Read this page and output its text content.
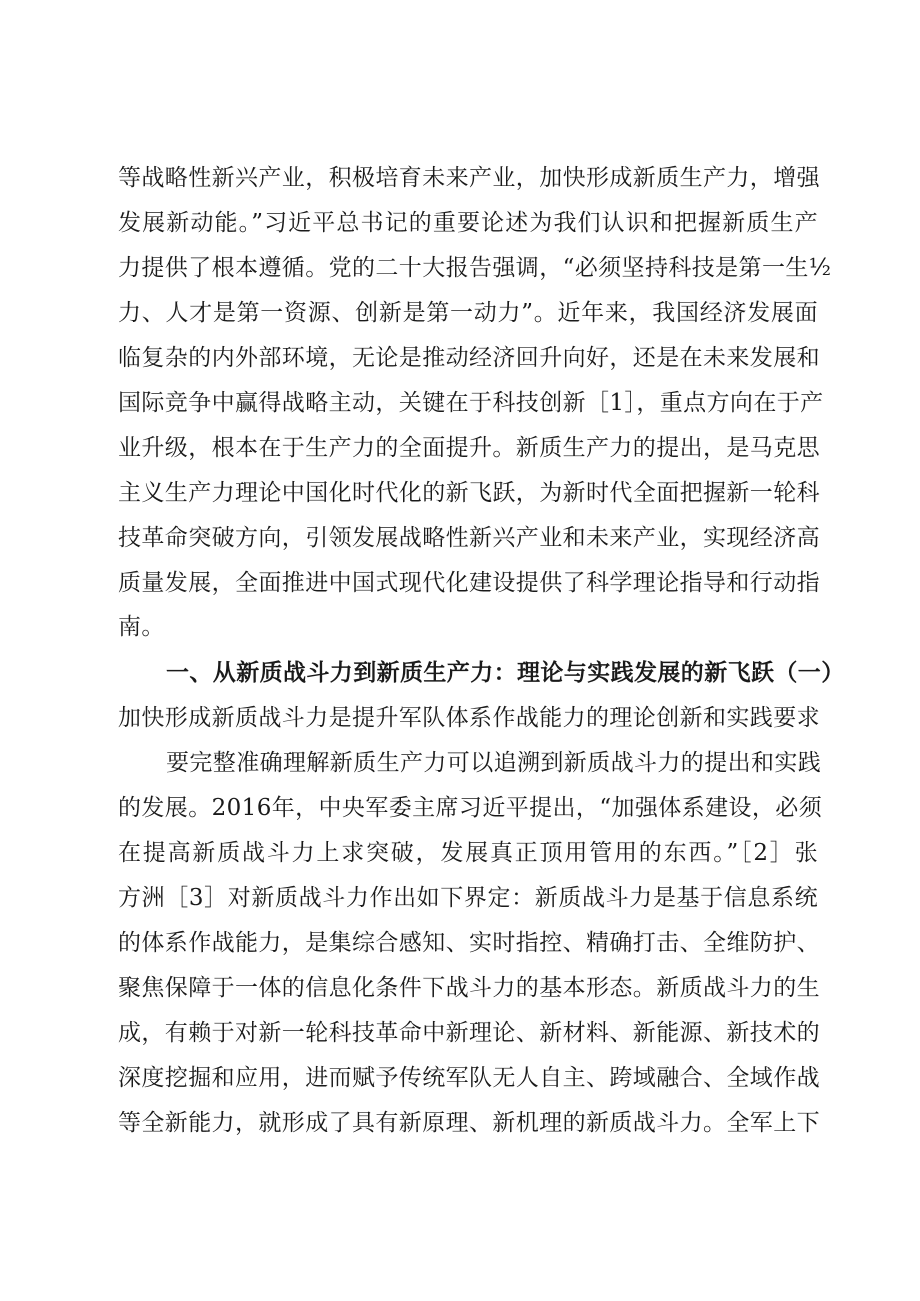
等战略性新兴产业，积极培育未来产业，加快形成新质生产力，增强
发展新动能。”习近平总书记的重要论述为我们认识和把握新质生产
力提供了根本遵循。党的二十大报告强调，“必须坚持科技是第一生½
力、人才是第一资源、创新是第一动力”。近年来，我国经济发展面
临复杂的内外部环境，无论是推动经济回升向好，还是在未来发展和
国际竞争中赢得战略主动，关键在于科技创新［1］，重点方向在于产
业升级，根本在于生产力的全面提升。新质生产力的提出，是马克思
主义生产力理论中国化时代化的新飞跃，为新时代全面把握新一轮科
技革命突破方向，引领发展战略性新兴产业和未来产业，实现经济高
质量发展，全面推进中国式现代化建设提供了科学理论指导和行动指
南。
一、从新质战斗力到新质生产力：理论与实践发展的新飞跃（一）
加快形成新质战斗力是提升军队体系作战能力的理论创新和实践要求
要完整准确理解新质生产力可以追溯到新质战斗力的提出和实践
的发展。2016年，中央军委主席习近平提出，“加强体系建设，必须
在提高新质战斗力上求突破，发展真正顶用管用的东西。”［2］张
方洲［3］对新质战斗力作出如下界定：新质战斗力是基于信息系统
的体系作战能力，是集综合感知、实时指控、精确打击、全维防护、
聚焦保障于一体的信息化条件下战斗力的基本形态。新质战斗力的生
成，有赖于对新一轮科技革命中新理论、新材料、新能源、新技术的
深度挖掘和应用，进而赋予传统军队无人自主、跨域融合、全域作战
等全新能力，就形成了具有新原理、新机理的新质战斗力。全军上下
